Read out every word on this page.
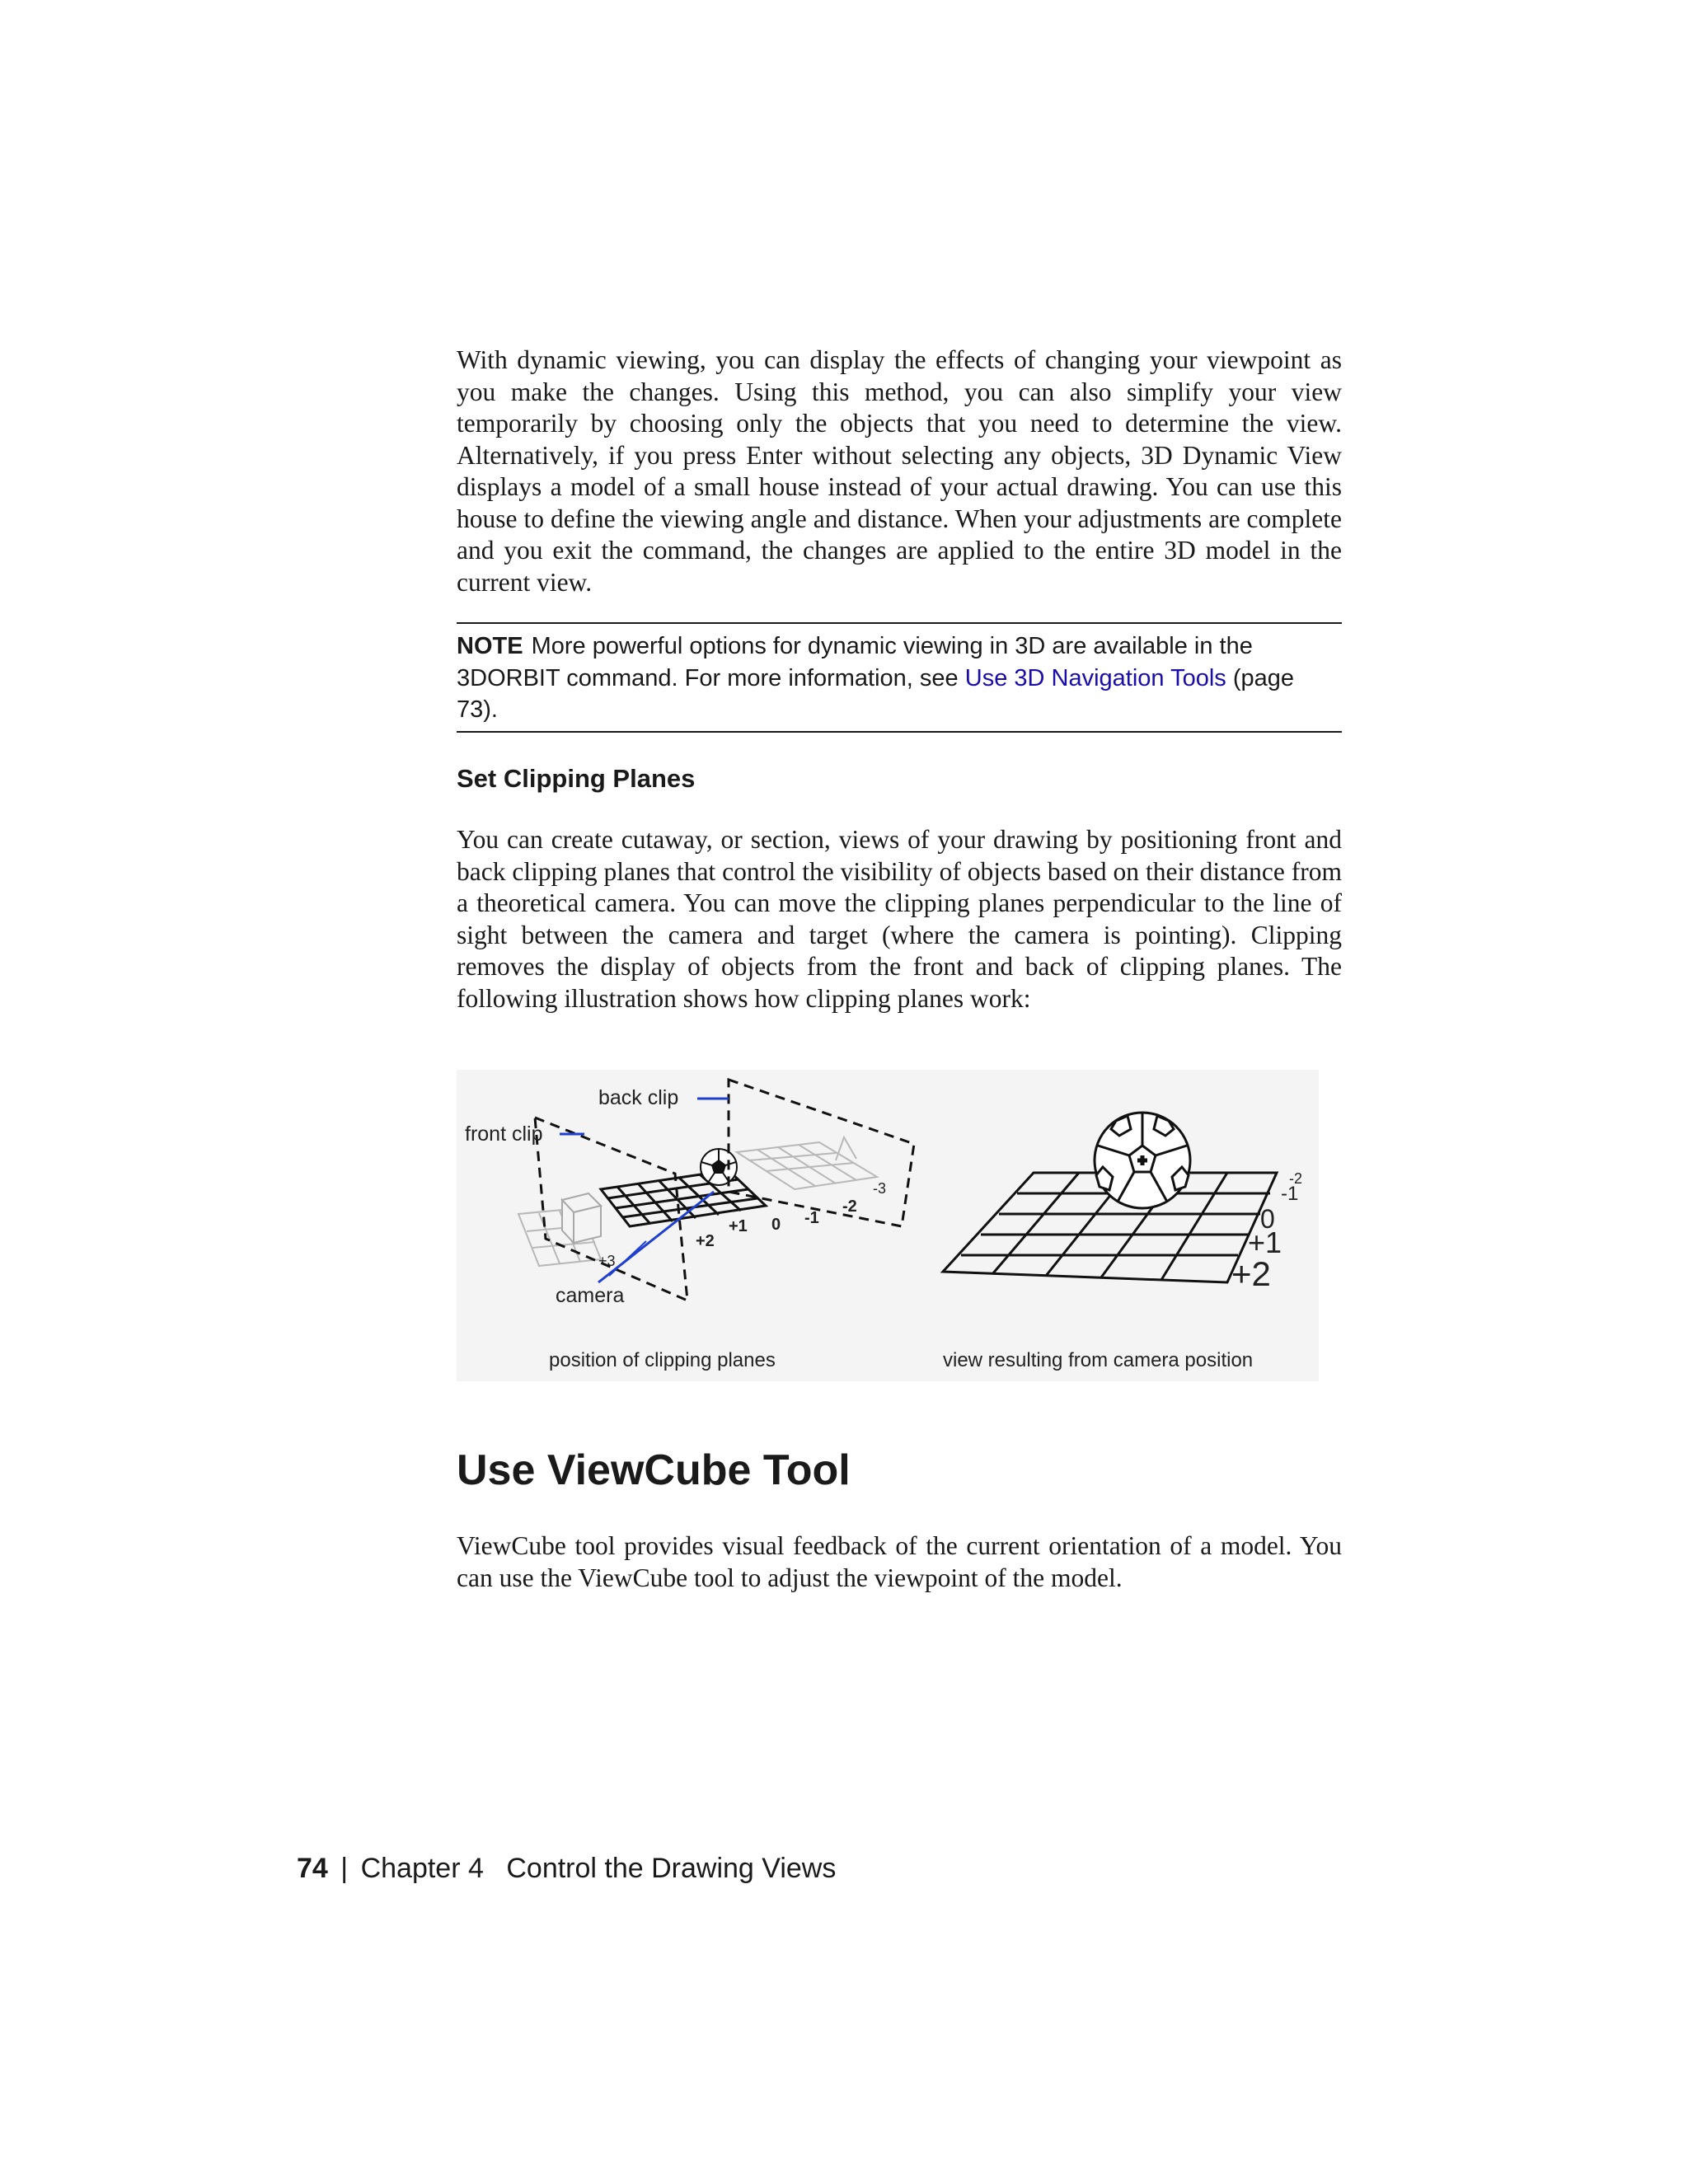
With dynamic viewing, you can display the effects of changing your viewpoint as you make the changes. Using this method, you can also simplify your view temporarily by choosing only the objects that you need to determine the view. Alternatively, if you press Enter without selecting any objects, 3D Dynamic View displays a model of a small house instead of your actual drawing. You can use this house to define the viewing angle and distance. When your adjustments are complete and you exit the command, the changes are applied to the entire 3D model in the current view.

NOTE More powerful options for dynamic viewing in 3D are available in the 3DORBIT command. For more information, see Use 3D Navigation Tools (page 73).
Set Clipping Planes

You can create cutaway, or section, views of your drawing by positioning front and back clipping planes that control the visibility of objects based on their distance from a theoretical camera. You can move the clipping planes perpendicular to the line of sight between the camera and target (where the camera is pointing). Clipping removes the display of objects from the front and back of clipping planes. The following illustration shows how clipping planes work:

back clip
front clip
camera
0 -1
-2
-3
+1
+2
+3
position of clipping planes
-2
-1
0
+1
+2
view resulting from camera position
Use ViewCube Tool

ViewCube tool provides visual feedback of the current orientation of a model. You can use the ViewCube tool to adjust the viewpoint of the model.

74 | Chapter 4 Control the Drawing Views
